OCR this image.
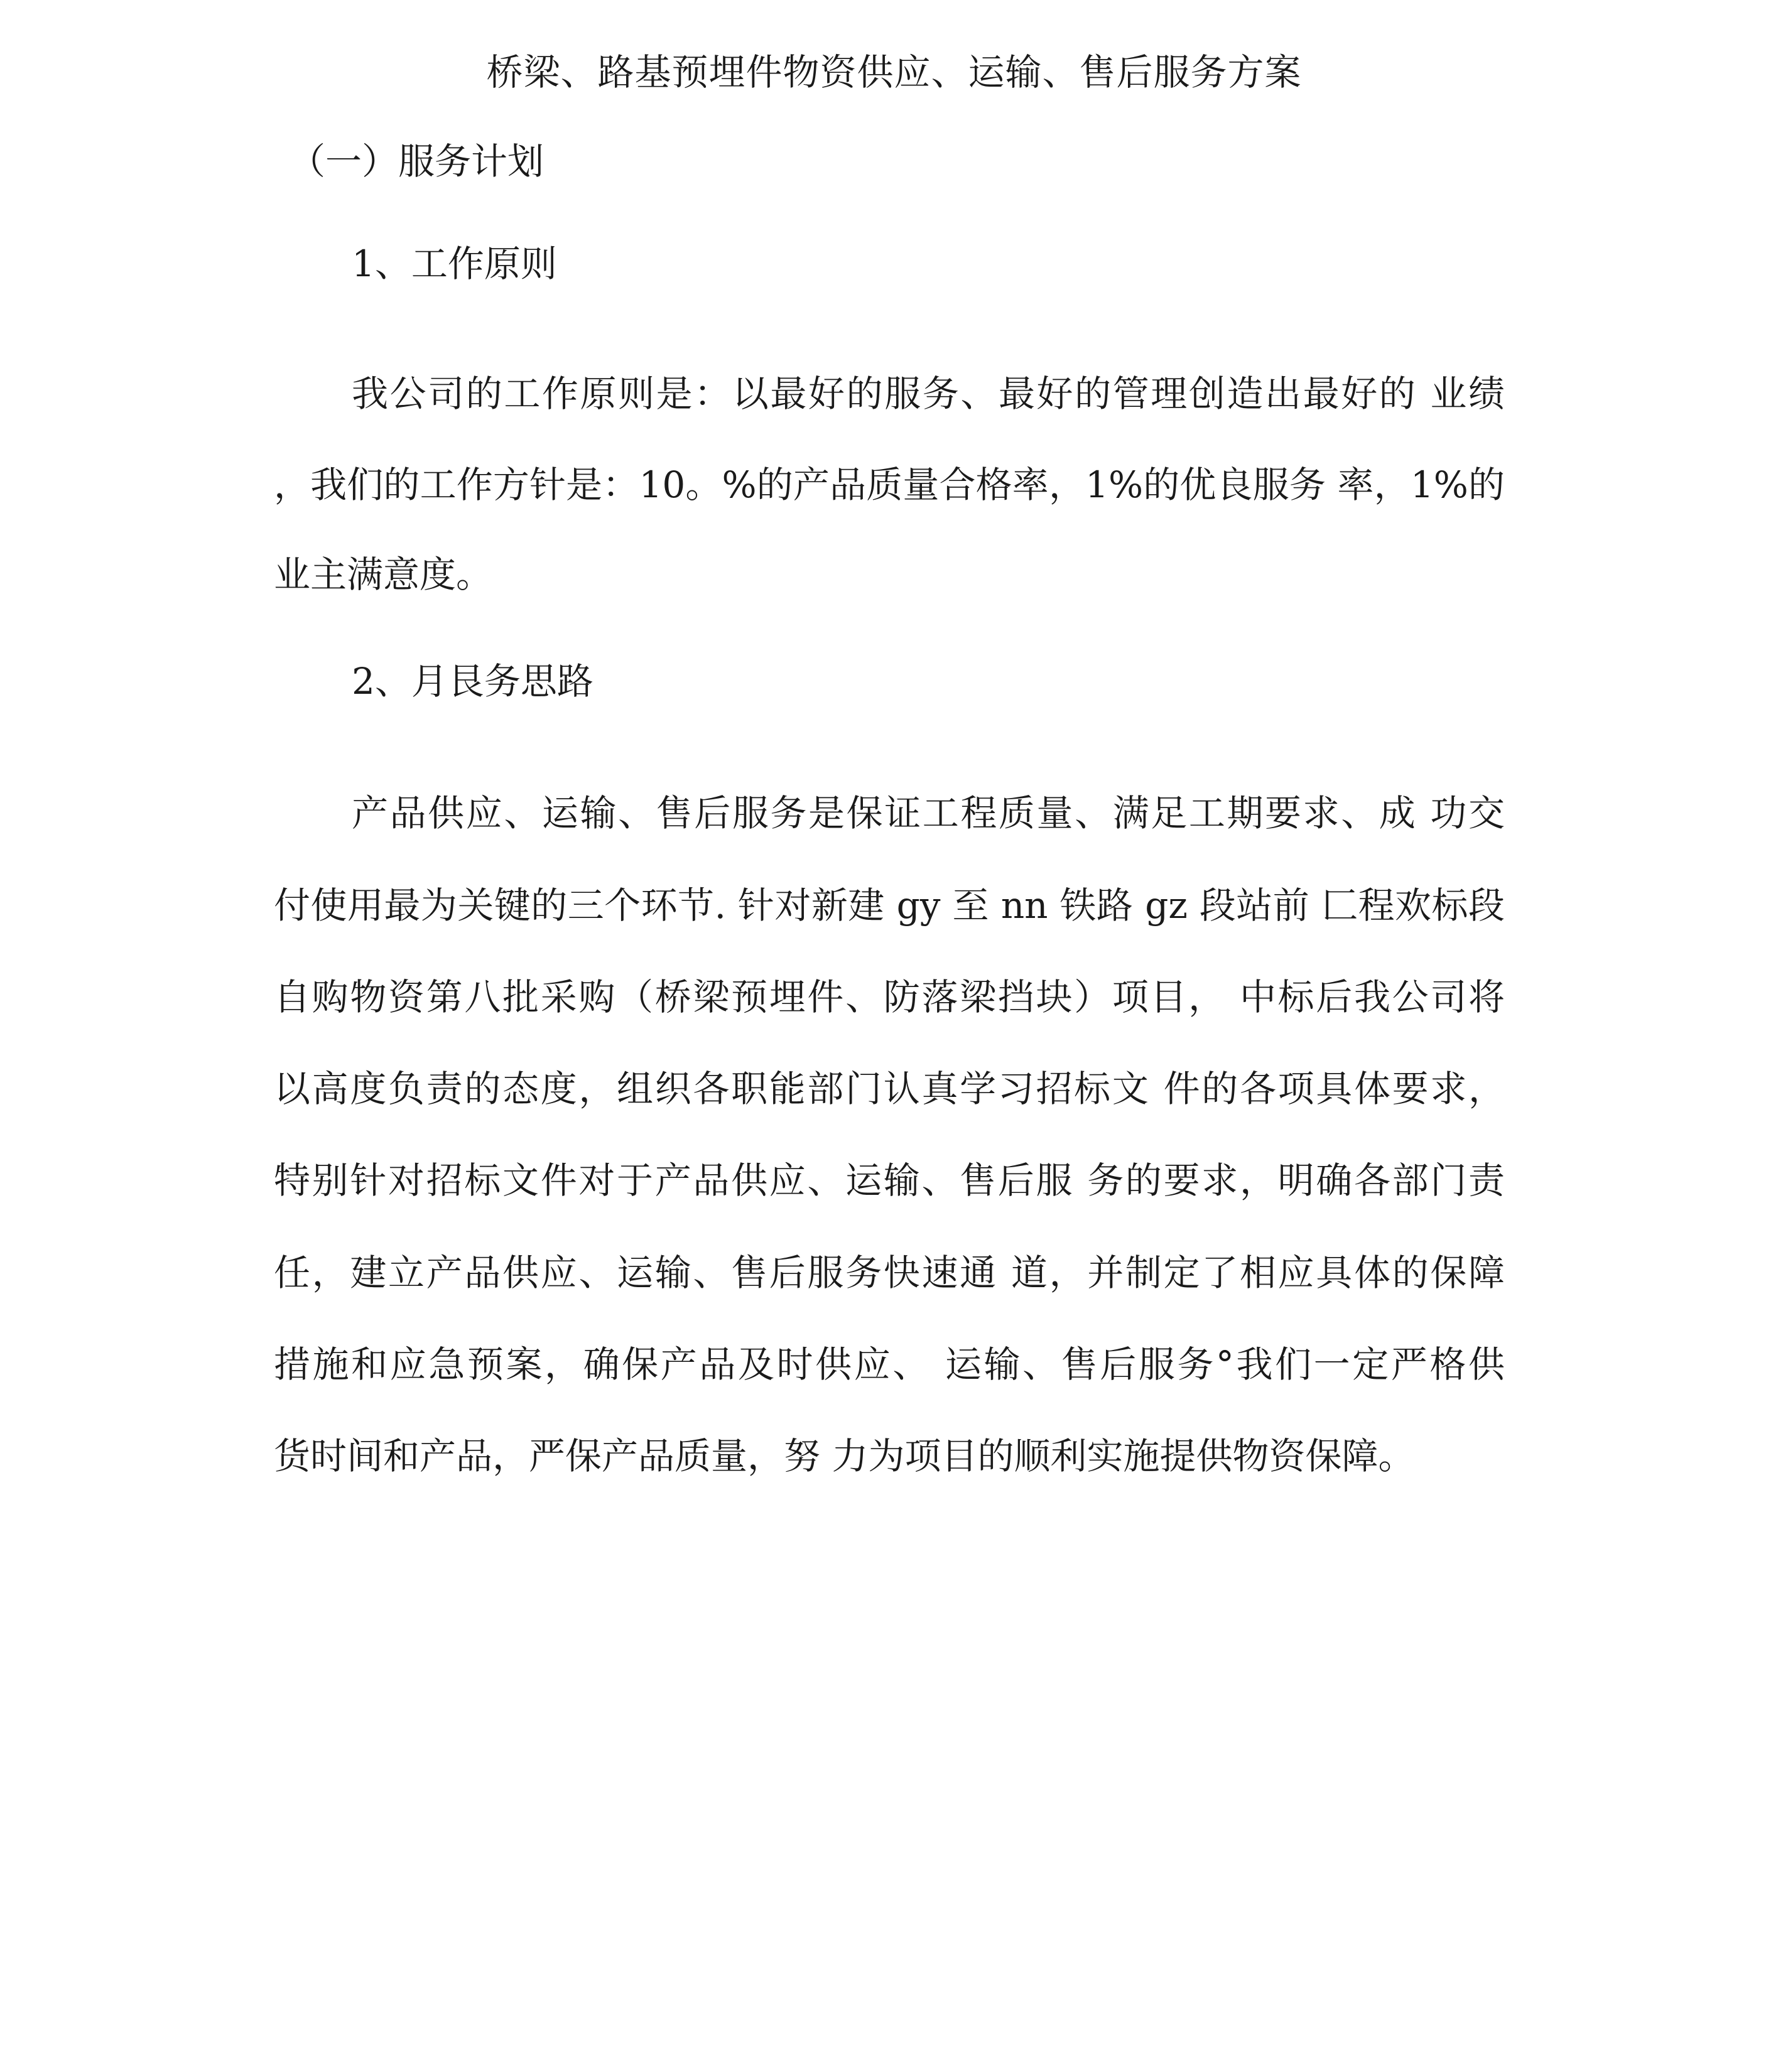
桥梁、路基预埋件物资供应、运输、售后服务方案
（一）服务计划
1、工作原则
我公司的工作原则是：以最好的服务、最好的管理创造出最好的 业绩
，我们的工作方针是：10。%的产品质量合格率，1%的优良服务 率，1%的
业主满意度。
2、月艮务思路
产品供应、运输、售后服务是保证工程质量、满足工期要求、成 功交
付使用最为关键的三个环节. 针对新建 gy 至 nn 铁路 gz 段站前 匚程欢标段
自购物资第八批采购（桥梁预埋件、防落梁挡块）项目， 中标后我公司将
以高度负责的态度，组织各职能部门认真学习招标文 件的各项具体要求，
特别针对招标文件对于产品供应、运输、售后服 务的要求，明确各部门责
任，建立产品供应、运输、售后服务快速通 道，并制定了相应具体的保障
措施和应急预案，确保产品及时供应、 运输、售后服务°我们一定严格供
货时间和产品，严保产品质量，努 力为项目的顺利实施提供物资保障。
